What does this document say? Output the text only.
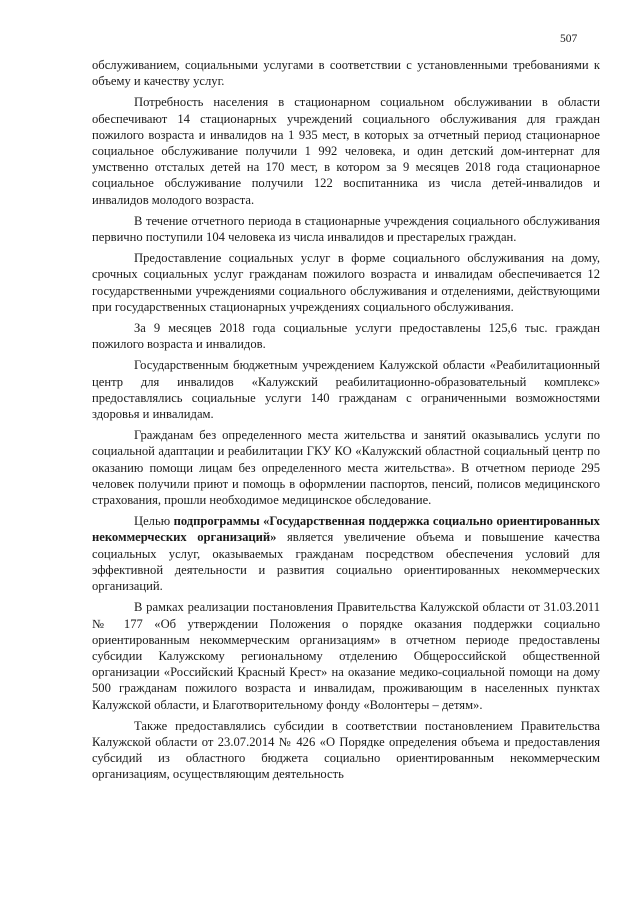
507

обслуживанием, социальными услугами в соответствии с установленными требованиями к объему и качеству услуг.

Потребность населения в стационарном социальном обслуживании в области обеспечивают 14 стационарных учреждений социального обслуживания для граждан пожилого возраста и инвалидов на 1 935 мест, в которых за отчетный период стационарное социальное обслуживание получили 1 992 человека, и один детский дом-интернат для умственно отсталых детей на 170 мест, в котором за 9 месяцев 2018 года стационарное социальное обслуживание получили 122 воспитанника из числа детей-инвалидов и инвалидов молодого возраста.

В течение отчетного периода в стационарные учреждения социального обслуживания первично поступили 104 человека из числа инвалидов и престарелых граждан.

Предоставление социальных услуг в форме социального обслуживания на дому, срочных социальных услуг гражданам пожилого возраста и инвалидам обеспечивается 12 государственными учреждениями социального обслуживания и отделениями, действующими при государственных стационарных учреждениях социального обслуживания.

За 9 месяцев 2018 года социальные услуги предоставлены 125,6 тыс. граждан пожилого возраста и инвалидов.

Государственным бюджетным учреждением Калужской области «Реабилитационный центр для инвалидов «Калужский реабилитационно-образовательный комплекс» предоставлялись социальные услуги 140 гражданам с ограниченными возможностями здоровья и инвалидам.

Гражданам без определенного места жительства и занятий оказывались услуги по социальной адаптации и реабилитации ГКУ КО «Калужский областной социальный центр по оказанию помощи лицам без определенного места жительства». В отчетном периоде 295 человек получили приют и помощь в оформлении паспортов, пенсий, полисов медицинского страхования, прошли необходимое медицинское обследование.

Целью подпрограммы «Государственная поддержка социально ориентированных некоммерческих организаций» является увеличение объема и повышение качества социальных услуг, оказываемых гражданам посредством обеспечения условий для эффективной деятельности и развития социально ориентированных некоммерческих организаций.

В рамках реализации постановления Правительства Калужской области от 31.03.2011 № 177 «Об утверждении Положения о порядке оказания поддержки социально ориентированным некоммерческим организациям» в отчетном периоде предоставлены субсидии Калужскому региональному отделению Общероссийской общественной организации «Российский Красный Крест» на оказание медико-социальной помощи на дому 500 гражданам пожилого возраста и инвалидам, проживающим в населенных пунктах Калужской области, и Благотворительному фонду «Волонтеры – детям».

Также предоставлялись субсидии в соответствии постановлением Правительства Калужской области от 23.07.2014 № 426 «О Порядке определения объема и предоставления субсидий из областного бюджета социально ориентированным некоммерческим организациям, осуществляющим деятельность
